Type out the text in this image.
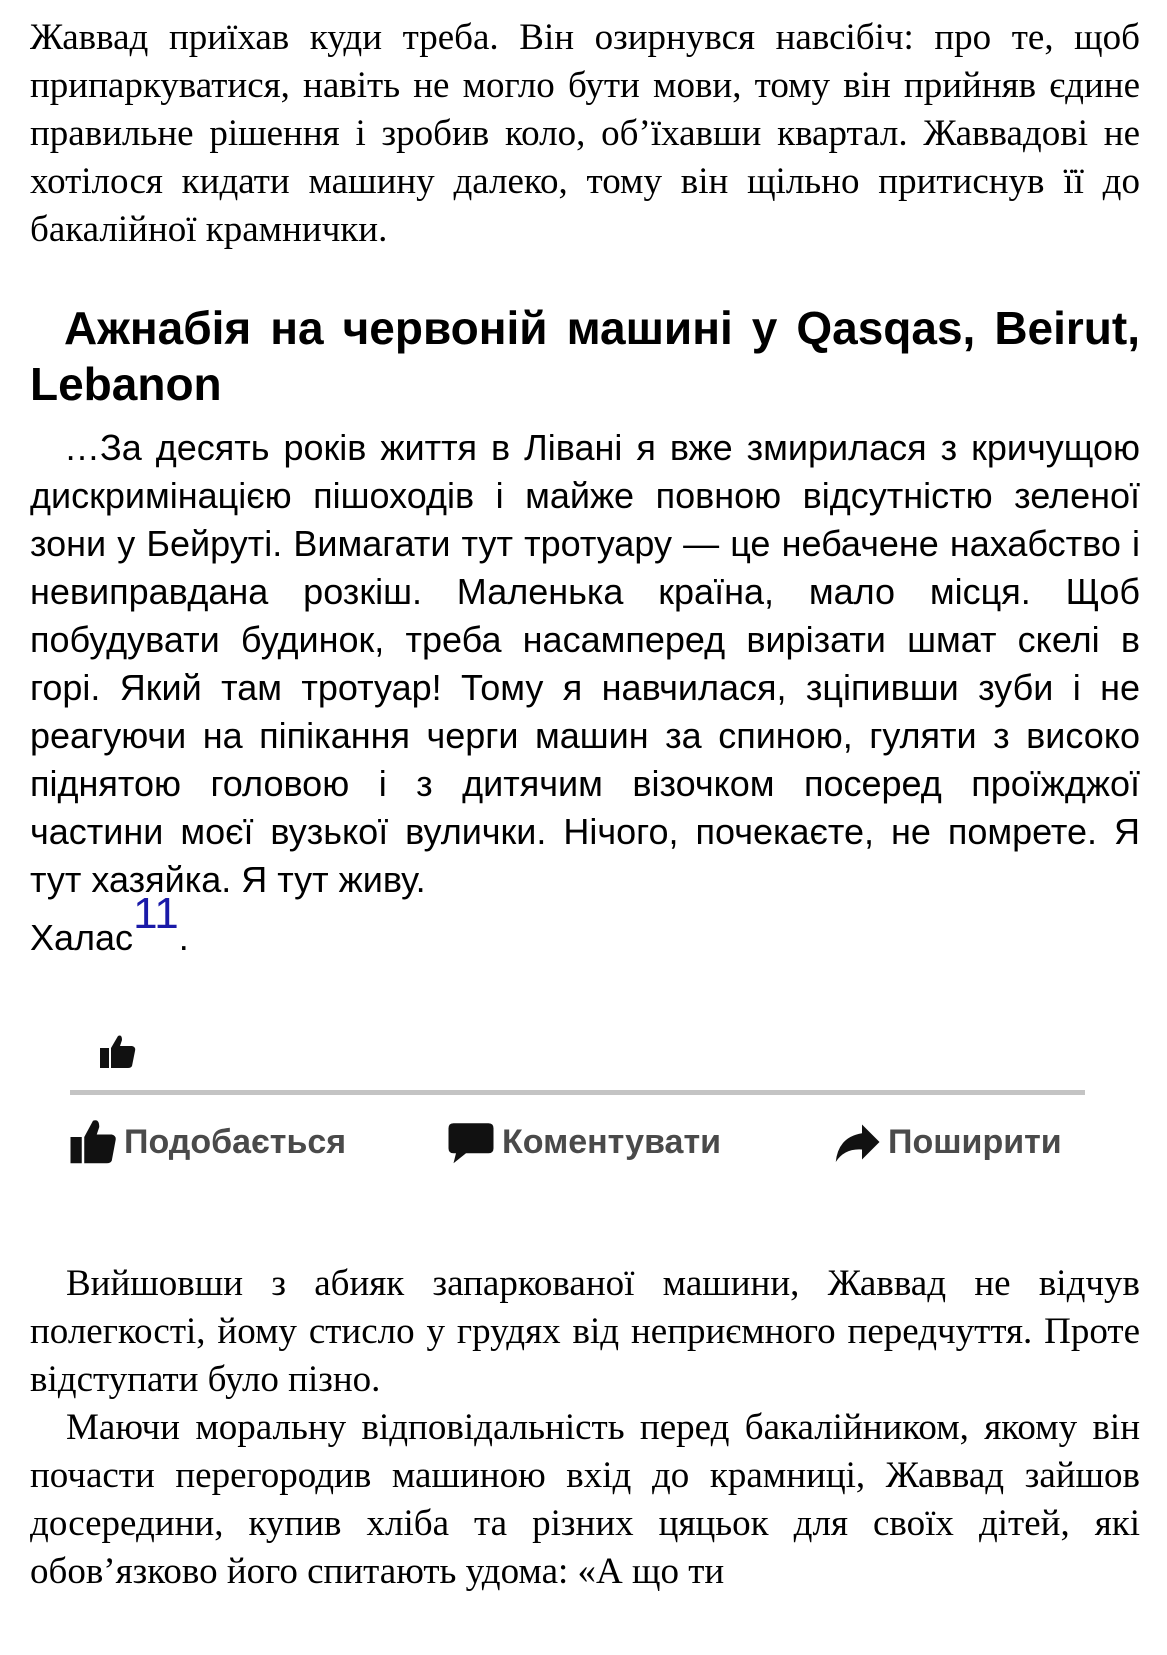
Жаввад приїхав куди треба. Він озирнувся навсібіч: про те, щоб припаркуватися, навіть не могло бути мови, тому він прийняв єдине правильне рішення і зробив коло, об’їхавши квартал. Жаввадові не хотілося кидати машину далеко, тому він щільно притиснув її до бакалійної крамнички.

Ажнабія на червоній машині у Qasqas, Beirut, Lebanon

…За десять років життя в Лівані я вже змирилася з кричущою дискримінацією пішоходів і майже повною відсутністю зеленої зони у Бейруті. Вимагати тут тротуару — це небачене нахабство і невиправдана розкіш. Маленька країна, мало місця. Щоб побудувати будинок, треба насамперед вирізати шмат скелі в горі. Який там тротуар! Тому я навчилася, зціпивши зуби і не реагуючи на піпікання черги машин за спиною, гуляти з високо піднятою головою і з дитячим візочком посеред проїжджої частини моєї вузької вулички. Нічого, почекаєте, не помрете. Я тут хазяйка. Я тут живу.
Халас11.

Подобається	Коментувати	Поширити

Вийшовши з абияк запаркованої машини, Жаввад не відчув полегкості, йому стисло у грудях від неприємного передчуття. Проте відступати було пізно.

Маючи моральну відповідальність перед бакалійником, якому він почасти перегородив машиною вхід до крамниці, Жаввад зайшов досередини, купив хліба та різних цяцьок для своїх дітей, які обов’язково його спитають удома: «А що ти
